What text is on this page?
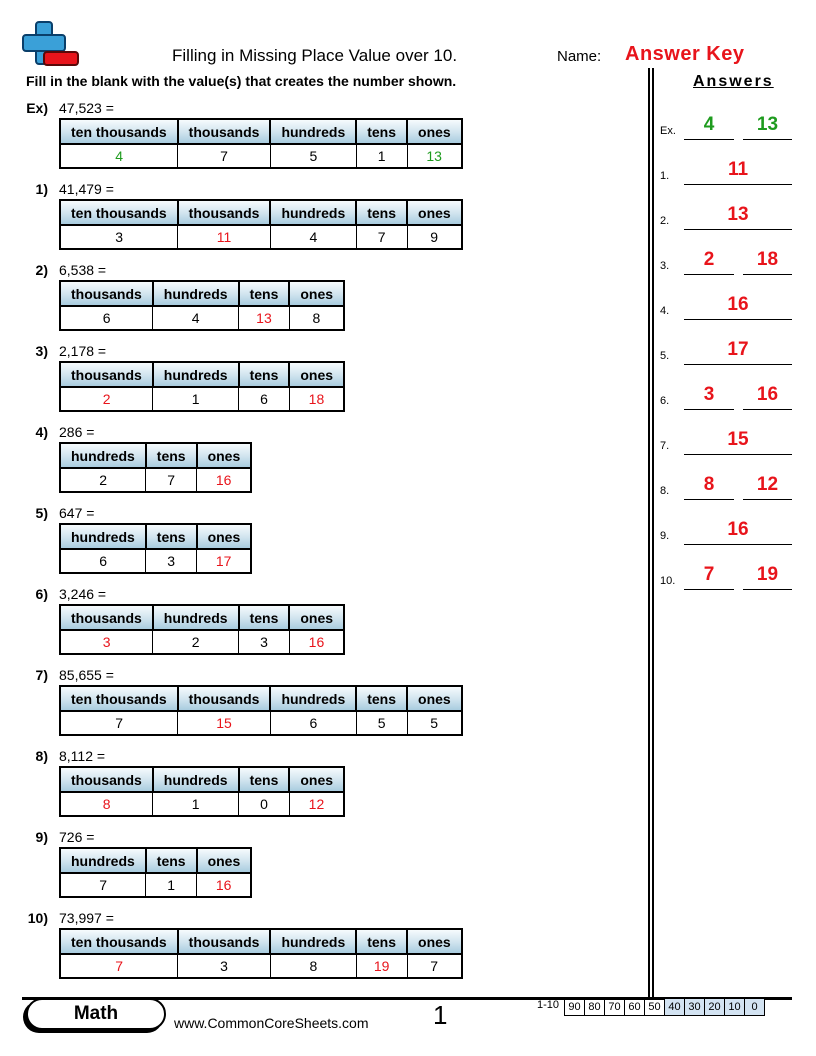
Filling in Missing Place Value over 10.	Name: Answer Key
Fill in the blank with the value(s) that creates the number shown.	Answers
Ex) 47,523 =
ten thousands	thousands	hundreds	tens	ones
4	7	5	1	13
1) 41,479 =
ten thousands	thousands	hundreds	tens	ones
3	11	4	7	9
2) 6,538 =
thousands	hundreds	tens	ones
6	4	13	8
3) 2,178 =
thousands	hundreds	tens	ones
2	1	6	18
4) 286 =
hundreds	tens	ones
2	7	16
5) 647 =
hundreds	tens	ones
6	3	17
6) 3,246 =
thousands	hundreds	tens	ones
3	2	3	16
7) 85,655 =
ten thousands	thousands	hundreds	tens	ones
7	15	6	5	5
8) 8,112 =
thousands	hundreds	tens	ones
8	1	0	12
9) 726 =
hundreds	tens	ones
7	1	16
10) 73,997 =
ten thousands	thousands	hundreds	tens	ones
7	3	8	19	7
Ex.	4	13
1.	11
2.	13
3.	2	18
4.	16
5.	17
6.	3	16
7.	15
8.	8	12
9.	16
10.	7	19
Math	www.CommonCoreSheets.com 1	1-10 90	80	70	60	50	40	30	20	10	0
